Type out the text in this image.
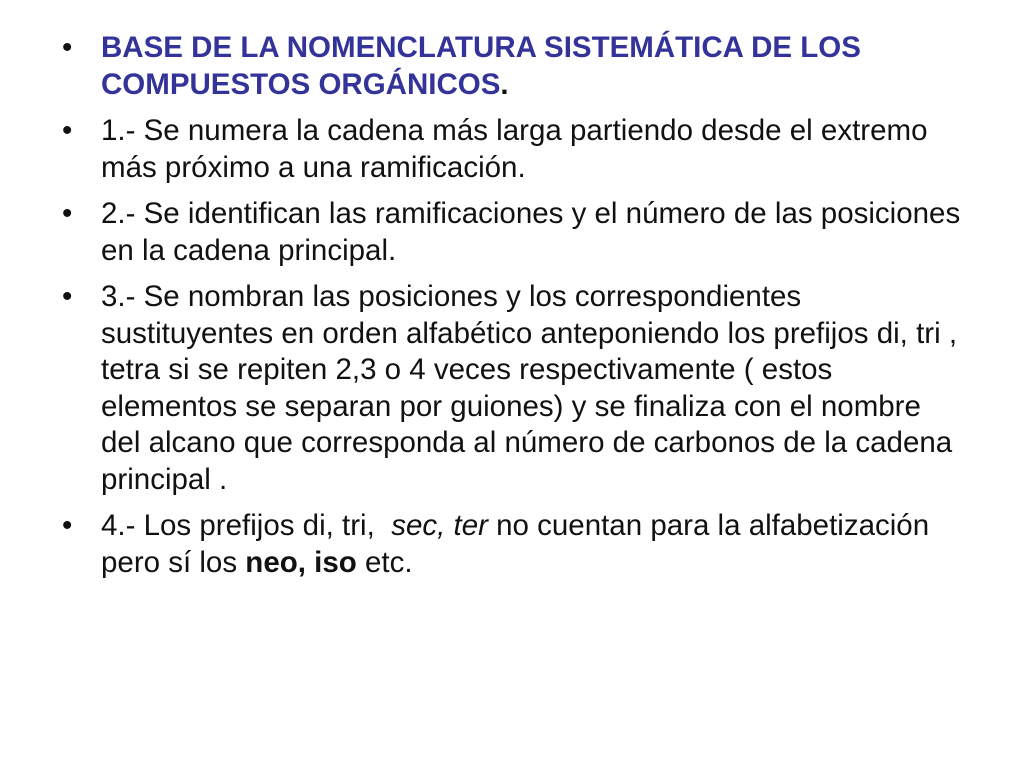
• BASE DE LA NOMENCLATURA SISTEMÁTICA DE LOS COMPUESTOS ORGÁNICOS.
• 1.- Se numera la cadena más larga partiendo desde el extremo más próximo a una ramificación.
• 2.- Se identifican las ramificaciones y el número de las posiciones en la cadena principal.
• 3.- Se nombran las posiciones y los correspondientes sustituyentes en orden alfabético anteponiendo los prefijos di, tri , tetra si se repiten 2,3 o 4 veces respectivamente ( estos elementos se separan por guiones) y se finaliza con el nombre del alcano que corresponda al número de carbonos de la cadena principal .
• 4.- Los prefijos di, tri,  sec, ter no cuentan para la alfabetización pero sí los neo, iso etc.
